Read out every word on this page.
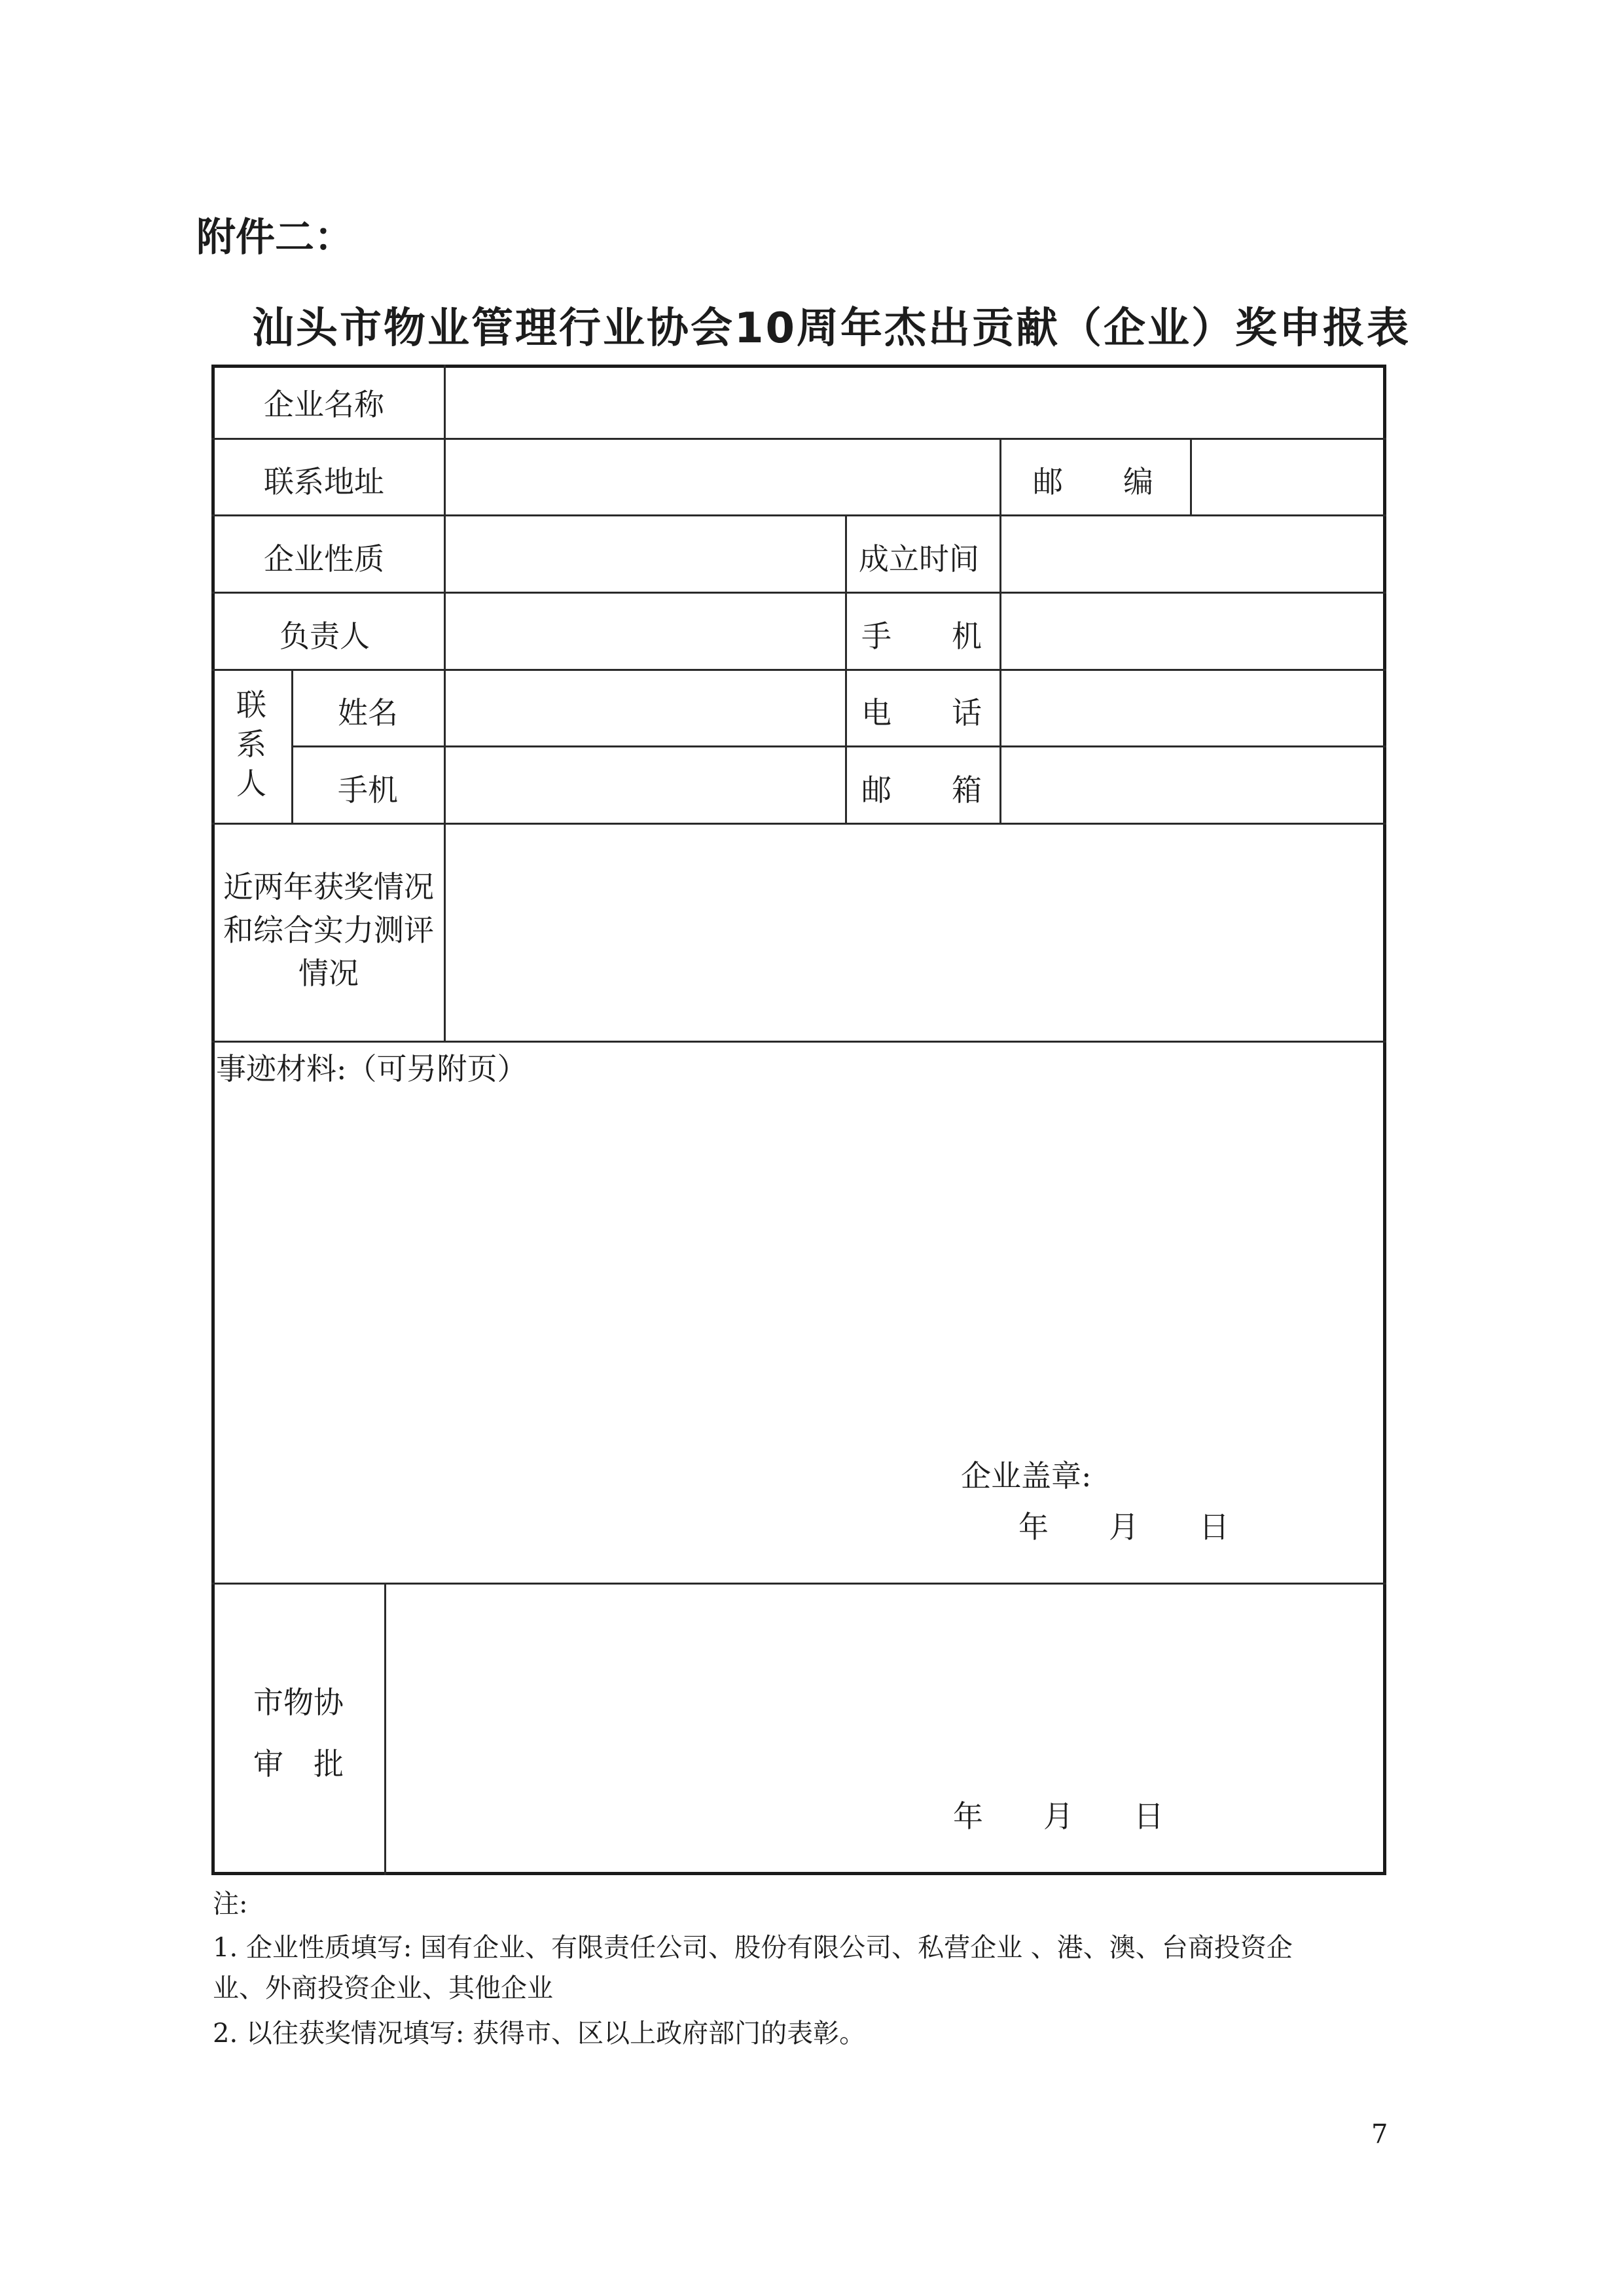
附件二：
汕头市物业管理行业协会10周年杰出贡献（企业）奖申报表
企业名称
联系地址	邮　　编
企业性质	成立时间
负责人	手　　机
联系人
姓名	电　　话
手机	邮　　箱
近两年获奖情况和综合实力测评情况
事迹材料:（可另附页）
企业盖章:
年　　月　　日
市物协
审　批
年　　月　　日
注:
1. 企业性质填写: 国有企业、有限责任公司、股份有限公司、私营企业 、港、澳、台商投资企
业、外商投资企业、其他企业
2. 以往获奖情况填写: 获得市、区以上政府部门的表彰。
7
